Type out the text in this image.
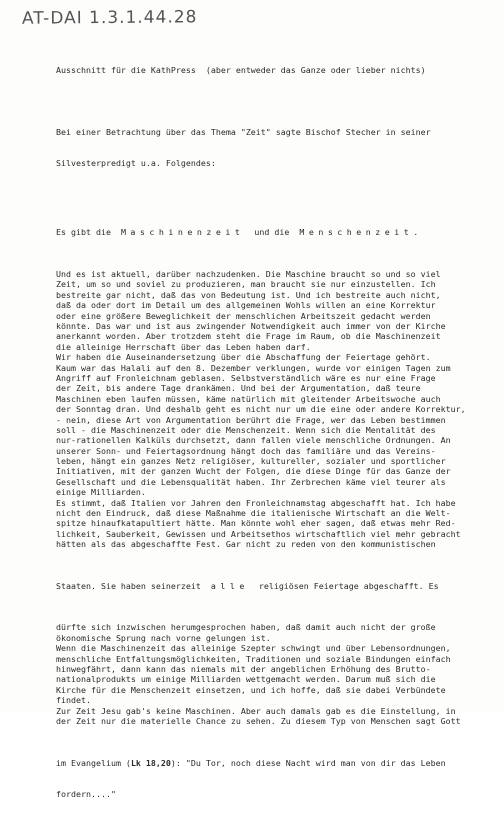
AT-DAI 1.3.1.44.28

Ausschnitt für die KathPress  (aber entweder das Ganze oder lieber nichts)

Bei einer Betrachtung über das Thema "Zeit" sagte Bischof Stecher in seiner

Silvesterpredigt u.a. Folgendes:

Es gibt die  Maschinenzeit  und die  Menschenzeit.

Und es ist aktuell, darüber nachzudenken. Die Maschine braucht so und so viel
Zeit, um so und soviel zu produzieren, man braucht sie nur einzustellen. Ich
bestreite gar nicht, daß das von Bedeutung ist. Und ich bestreite auch nicht,
daß da oder dort im Detail um des allgemeinen Wohls willen an eine Korrektur
oder eine größere Beweglichkeit der menschlichen Arbeitszeit gedacht werden
könnte. Das war und ist aus zwingender Notwendigkeit auch immer von der Kirche
anerkannt worden. Aber trotzdem steht die Frage im Raum, ob die Maschinenzeit
die alleinige Herrschaft über das Leben haben darf.
Wir haben die Auseinandersetzung über die Abschaffung der Feiertage gehört.
Kaum war das Halali auf den 8. Dezember verklungen, wurde vor einigen Tagen zum
Angriff auf Fronleichnam geblasen. Selbstverständlich wäre es nur eine Frage
der Zeit, bis andere Tage drankämen. Und bei der Argumentation, daß teure
Maschinen eben laufen müssen, käme natürlich mit gleitender Arbeitswoche auch
der Sonntag dran. Und deshalb geht es nicht nur um die eine oder andere Korrektur,
- nein, diese Art von Argumentation berührt die Frage, wer das Leben bestimmen
soll - die Maschinenzeit oder die Menschenzeit. Wenn sich die Mentalität des
nur-rationellen Kalküls durchsetzt, dann fallen viele menschliche Ordnungen. An
unserer Sonn- und Feiertagsordnung hängt doch das familiäre und das Vereins-
leben, hängt ein ganzes Netz religiöser, kultureller, sozialer und sportlicher
Initiativen, mit der ganzen Wucht der Folgen, die diese Dinge für das Ganze der
Gesellschaft und die Lebensqualität haben. Ihr Zerbrechen käme viel teurer als
einige Milliarden.
Es stimmt, daß Italien vor Jahren den Fronleichnamstag abgeschafft hat. Ich habe
nicht den Eindruck, daß diese Maßnahme die italienische Wirtschaft an die Welt-
spitze hinaufkatapultiert hätte. Man könnte wohl eher sagen, daß etwas mehr Red-
lichkeit, Sauberkeit, Gewissen und Arbeitsethos wirtschaftlich viel mehr gebracht
hätten als das abgeschaffte Fest. Gar nicht zu reden von den kommunistischen

Staaten. Sie haben seinerzeit  alle  religiösen Feiertage abgeschafft. Es

dürfte sich inzwischen herumgesprochen haben, daß damit auch nicht der große
ökonomische Sprung nach vorne gelungen ist.
Wenn die Maschinenzeit das alleinige Szepter schwingt und über Lebensordnungen,
menschliche Entfaltungsmöglichkeiten, Traditionen und soziale Bindungen einfach
hinwegfährt, dann kann das niemals mit der angeblichen Erhöhung des Brutto-
nationalprodukts um einige Milliarden wettgemacht werden. Darum muß sich die
Kirche für die Menschenzeit einsetzen, und ich hoffe, daß sie dabei Verbündete
findet.
Zur Zeit Jesu gab's keine Maschinen. Aber auch damals gab es die Einstellung, in
der Zeit nur die materielle Chance zu sehen. Zu diesem Typ von Menschen sagt Gott

im Evangelium (Lk 18,20): "Du Tor, noch diese Nacht wird man von dir das Leben

fordern...."
